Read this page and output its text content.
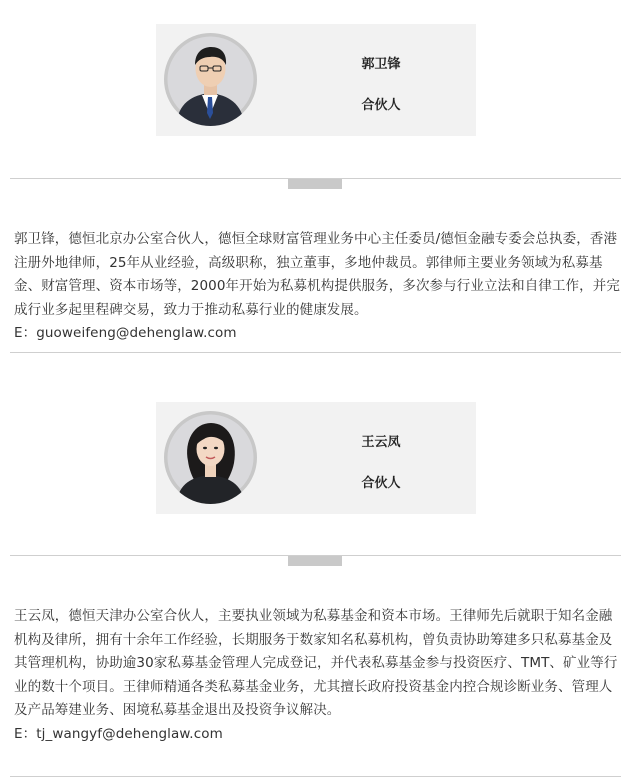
郭卫锋
合伙人

郭卫锋，德恒北京办公室合伙人，德恒全球财富管理业务中心主任委员/德恒金融专委会总执委，香港注册外地律师，25年从业经验，高级职称，独立董事，多地仲裁员。郭律师主要业务领域为私募基金、财富管理、资本市场等，2000年开始为私募机构提供服务，多次参与行业立法和自律工作，并完成行业多起里程碑交易，致力于推动私募行业的健康发展。

E：guoweifeng@dehenglaw.com
王云凤
合伙人

王云凤，德恒天津办公室合伙人，主要执业领域为私募基金和资本市场。王律师先后就职于知名金融机构及律所，拥有十余年工作经验，长期服务于数家知名私募机构，曾负责协助筹建多只私募基金及其管理机构，协助逾30家私募基金管理人完成登记，并代表私募基金参与投资医疗、TMT、矿业等行业的数十个项目。王律师精通各类私募基金业务，尤其擅长政府投资基金内控合规诊断业务、管理人及产品筹建业务、困境私募基金退出及投资争议解决。

E：tj_wangyf@dehenglaw.com
